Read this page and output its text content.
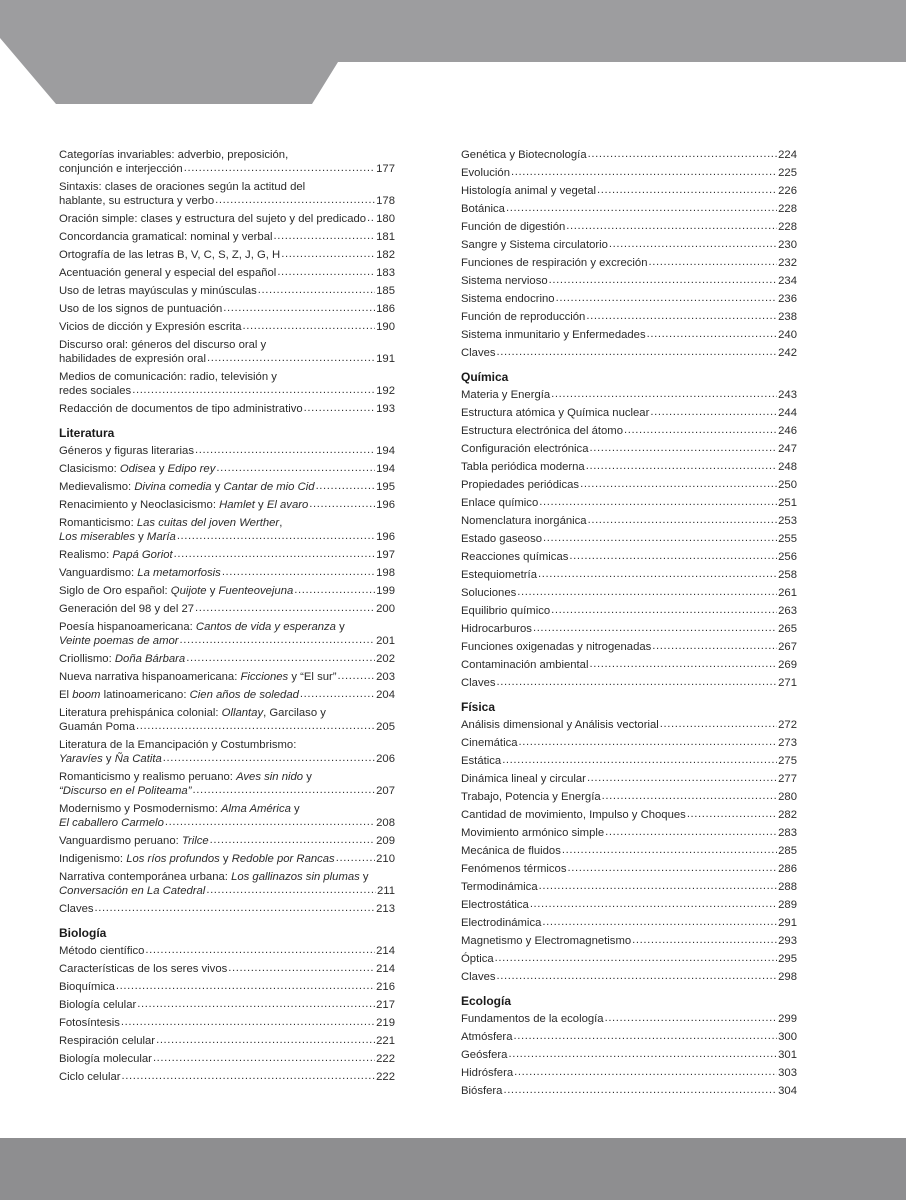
Categorías invariables: adverbio, preposición,
conjunción e interjección .....	177
Sintaxis: clases de oraciones según la actitud del
hablante, su estructura y verbo .....	178
Oración simple: clases y estructura del sujeto y del predicado ..... 180
Concordancia gramatical: nominal y verbal .....	181
Ortografía de las letras B, V, C, S, Z, J, G, H .....	182
Acentuación general y especial del español .....	183
Uso de letras mayúsculas y minúsculas .....	185
Uso de los signos de puntuación .....	186
Vicios de dicción y Expresión escrita .....	190
Discurso oral: géneros del discurso oral y
habilidades de expresión oral .....	191
Medios de comunicación: radio, televisión y
redes sociales .....	192
Redacción de documentos de tipo administrativo .....	193
Literatura
Géneros y figuras literarias .....	194
Clasicismo: Odisea y Edipo rey .....	194
Medievalismo: Divina comedia y Cantar de mio Cid .....	195
Renacimiento y Neoclasicismo: Hamlet y El avaro .....	196
Romanticismo: Las cuitas del joven Werther,
Los miserables y María .....	196
Realismo: Papá Goriot .....	197
Vanguardismo: La metamorfosis .....	198
Siglo de Oro español: Quijote y Fuenteovejuna .....	199
Generación del 98 y del 27 .....	200
Poesía hispanoamericana: Cantos de vida y esperanza y
Veinte poemas de amor .....	201
Criollismo: Doña Bárbara .....	202
Nueva narrativa hispanoamericana: Ficciones y “El sur” .....	203
El boom latinoamericano: Cien años de soledad .....	204
Literatura prehispánica colonial: Ollantay, Garcilaso y
Guamán Poma .....	205
Literatura de la Emancipación y Costumbrismo:
Yaravíes y Ña Catita .....	206
Romanticismo y realismo peruano: Aves sin nido y
“Discurso en el Politeama” .....	207
Modernismo y Posmodernismo: Alma América y
El caballero Carmelo .....	208
Vanguardismo peruano: Trilce .....	209
Indigenismo: Los ríos profundos y Redoble por Rancas .....	210
Narrativa contemporánea urbana: Los gallinazos sin plumas y
Conversación en La Catedral .....	211
Claves .....	213
Biología
Método científico .....	214
Características de los seres vivos .....	214
Bioquímica .....	216
Biología celular .....	217
Fotosíntesis .....	219
Respiración celular .....	221
Biología molecular .....	222
Ciclo celular .....	222
Genética y Biotecnología .....	224
Evolución .....	225
Histología animal y vegetal .....	226
Botánica .....	228
Función de digestión .....	228
Sangre y Sistema circulatorio .....	230
Funciones de respiración y excreción .....	232
Sistema nervioso .....	234
Sistema endocrino .....	236
Función de reproducción .....	238
Sistema inmunitario y Enfermedades .....	240
Claves .....	242
Química
Materia y Energía .....	243
Estructura atómica y Química nuclear .....	244
Estructura electrónica del átomo .....	246
Configuración electrónica .....	247
Tabla periódica moderna .....	248
Propiedades periódicas .....	250
Enlace químico .....	251
Nomenclatura inorgánica .....	253
Estado gaseoso .....	255
Reacciones químicas .....	256
Estequiometría .....	258
Soluciones .....	261
Equilibrio químico .....	263
Hidrocarburos .....	265
Funciones oxigenadas y nitrogenadas .....	267
Contaminación ambiental .....	269
Claves .....	271
Física
Análisis dimensional y Análisis vectorial .....	272
Cinemática .....	273
Estática .....	275
Dinámica lineal y circular .....	277
Trabajo, Potencia y Energía .....	280
Cantidad de movimiento, Impulso y Choques .....	282
Movimiento armónico simple .....	283
Mecánica de fluidos .....	285
Fenómenos térmicos .....	286
Termodinámica .....	288
Electrostática .....	289
Electrodinámica .....	291
Magnetismo y Electromagnetismo .....	293
Óptica .....	295
Claves .....	298
Ecología
Fundamentos de la ecología .....	299
Atmósfera .....	300
Geósfera .....	301
Hidrósfera .....	303
Biósfera .....	304
